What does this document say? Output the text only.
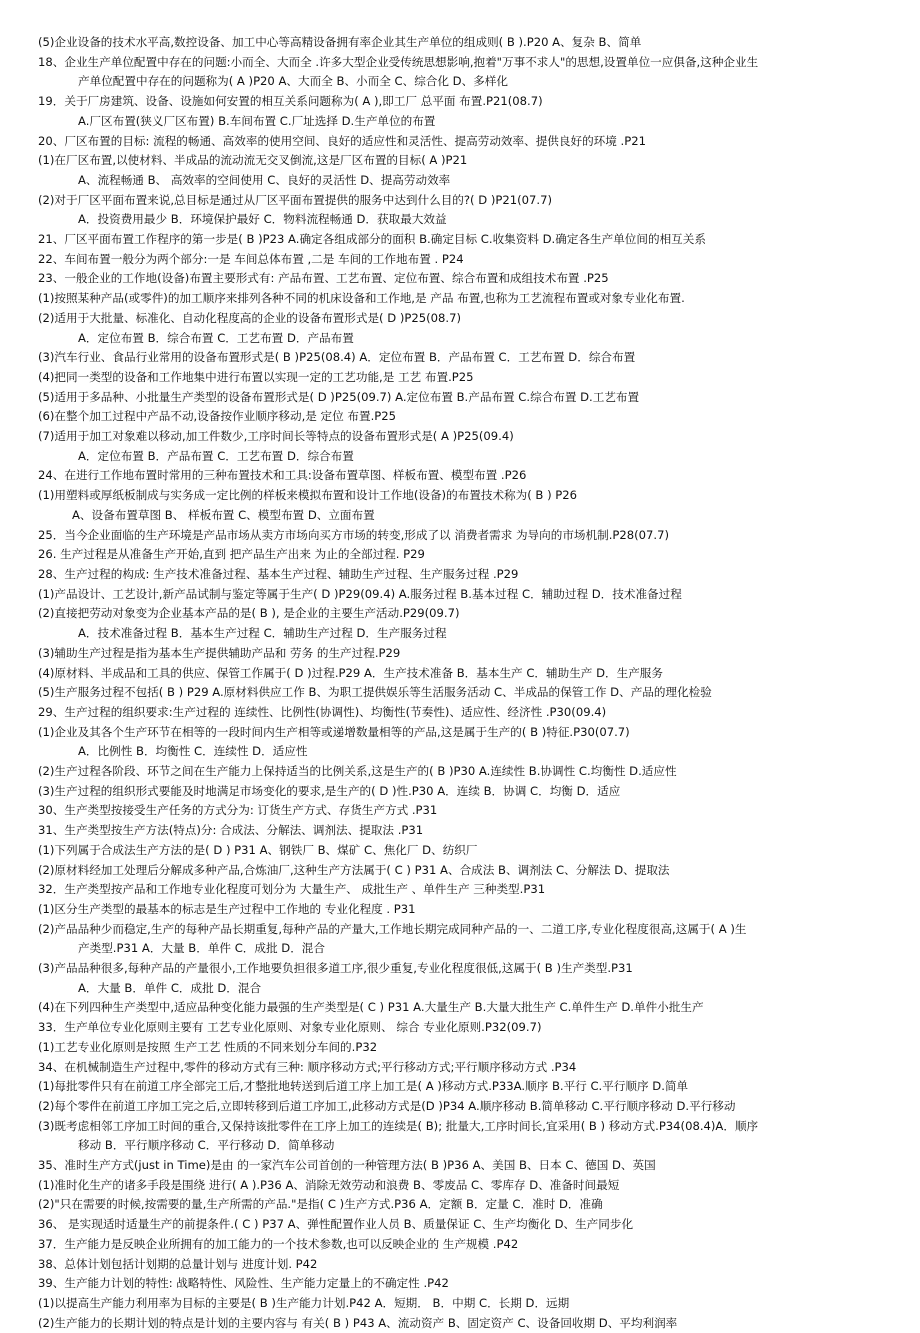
(5)企业设备的技术水平高,数控设备、加工中心等高精设备拥有率企业其生产单位的组成则( B ).P20 A、复杂 B、简单
18、企业生产单位配置中存在的问题:小而全、大而全 .许多大型企业受传统思想影响,抱着"万事不求人"的思想,设置单位一应俱备,这种企业生
产单位配置中存在的问题称为( A )P20 A、大而全 B、小而全 C、综合化 D、多样化
19．关于厂房建筑、设备、设施如何安置的相互关系问题称为( A ),即工厂 总平面 布置.P21(08.7)
A.厂区布置(狭义厂区布置) B.车间布置 C.厂址选择 D.生产单位的布置
20、厂区布置的目标: 流程的畅通、高效率的使用空间、良好的适应性和灵活性、提高劳动效率、提供良好的环境 .P21
(1)在厂区布置,以使材料、半成品的流动流无交叉倒流,这是厂区布置的目标( A )P21
A、流程畅通 B、 高效率的空间使用 C、良好的灵活性 D、提高劳动效率
(2)对于厂区平面布置来说,总目标是通过从厂区平面布置提供的服务中达到什么目的?( D )P21(07.7)
A．投资费用最少 B．环境保护最好 C．物料流程畅通 D．获取最大效益
21、厂区平面布置工作程序的第一步是( B )P23 A.确定各组成部分的面积 B.确定目标 C.收集资料 D.确定各生产单位间的相互关系
22、车间布置一般分为两个部分:一是 车间总体布置 ,二是 车间的工作地布置 . P24
23、一般企业的工作地(设备)布置主要形式有: 产品布置、工艺布置、定位布置、综合布置和成组技术布置 .P25
(1)按照某种产品(或零件)的加工顺序来排列各种不同的机床设备和工作地,是 产品 布置,也称为工艺流程布置或对象专业化布置.
(2)适用于大批量、标准化、自动化程度高的企业的设备布置形式是( D )P25(08.7)
A．定位布置 B．综合布置 C．工艺布置 D．产品布置
(3)汽车行业、食品行业常用的设备布置形式是( B )P25(08.4) A．定位布置 B．产品布置 C．工艺布置 D．综合布置
(4)把同一类型的设备和工作地集中进行布置以实现一定的工艺功能,是 工艺 布置.P25
(5)适用于多品种、小批量生产类型的设备布置形式是( D )P25(09.7) A.定位布置 B.产品布置 C.综合布置 D.工艺布置
(6)在整个加工过程中产品不动,设备按作业顺序移动,是 定位 布置.P25
(7)适用于加工对象难以移动,加工件数少,工序时间长等特点的设备布置形式是( A )P25(09.4)
A．定位布置 B．产品布置 C．工艺布置 D．综合布置
24、在进行工作地布置时常用的三种布置技术和工具:设备布置草图、样板布置、模型布置 .P26
(1)用塑料或厚纸板制成与实务成一定比例的样板来模拟布置和设计工作地(设备)的布置技术称为( B ) P26
A、设备布置草图 B、 样板布置 C、模型布置 D、立面布置
25．当今企业面临的生产环境是产品市场从卖方市场向买方市场的转变,形成了以 消费者需求 为导向的市场机制.P28(07.7)
26. 生产过程是从准备生产开始,直到 把产品生产出来 为止的全部过程. P29
28、生产过程的构成: 生产技术准备过程、基本生产过程、辅助生产过程、生产服务过程 .P29
(1)产品设计、工艺设计,新产品试制与鉴定等属于生产( D )P29(09.4) A.服务过程 B.基本过程 C．辅助过程 D．技术准备过程
(2)直接把劳动对象变为企业基本产品的是( B ), 是企业的主要生产活动.P29(09.7)
A．技术准备过程 B．基本生产过程 C．辅助生产过程 D．生产服务过程
(3)辅助生产过程是指为基本生产提供辅助产品和 劳务 的生产过程.P29
(4)原材料、半成品和工具的供应、保管工作属于( D )过程.P29 A．生产技术准备 B．基本生产 C．辅助生产 D．生产服务
(5)生产服务过程不包括( B ) P29 A.原材料供应工作 B、为职工提供娱乐等生活服务活动 C、半成品的保管工作 D、产品的理化检验
29、生产过程的组织要求:生产过程的 连续性、比例性(协调性)、均衡性(节奏性)、适应性、经济性 .P30(09.4)
(1)企业及其各个生产环节在相等的一段时间内生产相等或递增数量相等的产品,这是属于生产的( B )特征.P30(07.7)
A．比例性 B．均衡性 C．连续性 D．适应性
(2)生产过程各阶段、环节之间在生产能力上保持适当的比例关系,这是生产的( B )P30 A.连续性 B.协调性 C.均衡性 D.适应性
(3)生产过程的组织形式要能及时地满足市场变化的要求,是生产的( D )性.P30 A．连续 B．协调 C．均衡 D．适应
30、生产类型按接受生产任务的方式分为: 订货生产方式、存货生产方式 .P31
31、生产类型按生产方法(特点)分: 合成法、分解法、调剂法、提取法 .P31
(1)下列属于合成法生产方法的是( D ) P31 A、钢铁厂 B、煤矿 C、焦化厂 D、纺织厂
(2)原材料经加工处理后分解成多种产品,合炼油厂,这种生产方法属于( C ) P31 A、合成法 B、调剂法 C、分解法 D、提取法
32．生产类型按产品和工作地专业化程度可划分为 大量生产、 成批生产 、单件生产 三种类型.P31
(1)区分生产类型的最基本的标志是生产过程中工作地的 专业化程度 . P31
(2)产品品种少而稳定,生产的每种产品长期重复,每种产品的产量大,工作地长期完成同种产品的一、二道工序,专业化程度很高,这属于( A )生
产类型.P31 A．大量 B．单件 C．成批 D．混合
(3)产品品种很多,每种产品的产量很小,工作地要负担很多道工序,很少重复,专业化程度很低,这属于( B )生产类型.P31
A．大量 B．单件 C．成批 D．混合
(4)在下列四种生产类型中,适应品种变化能力最强的生产类型是( C ) P31 A.大量生产 B.大量大批生产 C.单件生产 D.单件小批生产
33．生产单位专业化原则主要有 工艺专业化原则、对象专业化原则、 综合 专业化原则.P32(09.7)
(1)工艺专业化原则是按照 生产工艺 性质的不同来划分车间的.P32
34、在机械制造生产过程中,零件的移动方式有三种: 顺序移动方式;平行移动方式;平行顺序移动方式 .P34
(1)每批零件只有在前道工序全部完工后,才整批地转送到后道工序上加工是( A )移动方式.P33A.顺序 B.平行 C.平行顺序 D.简单
(2)每个零件在前道工序加工完之后,立即转移到后道工序加工,此移动方式是(D )P34 A.顺序移动 B.简单移动 C.平行顺序移动 D.平行移动
(3)既考虑相邻工序加工时间的重合,又保持该批零件在工序上加工的连续是( B); 批量大,工序时间长,宜采用( B ) 移动方式.P34(08.4)A．顺序
移动 B．平行顺序移动 C．平行移动 D．简单移动
35、准时生产方式(just in Time)是由 的一家汽车公司首创的一种管理方法( B )P36 A、美国 B、日本 C、德国 D、英国
(1)准时化生产的诸多手段是围绕 进行( A ).P36 A、消除无效劳动和浪费 B、零废品 C、零库存 D、准备时间最短
(2)"只在需要的时候,按需要的量,生产所需的产品."是指( C )生产方式.P36 A．定额 B．定量 C．准时 D．准确
36、 是实现适时适量生产的前提条件.( C ) P37 A、弹性配置作业人员 B、质量保证 C、生产均衡化 D、生产同步化
37．生产能力是反映企业所拥有的加工能力的一个技术参数,也可以反映企业的 生产规模 .P42
38、总体计划包括计划期的总量计划与 进度计划. P42
39、生产能力计划的特性: 战略特性、风险性、生产能力定量上的不确定性 .P42
(1)以提高生产能力利用率为目标的主要是( B )生产能力计划.P42 A．短期． B．中期 C．长期 D．远期
(2)生产能力的长期计划的特点是计划的主要内容与 有关( B ) P43 A、流动资产 B、固定资产 C、设备回收期 D、平均利润率
